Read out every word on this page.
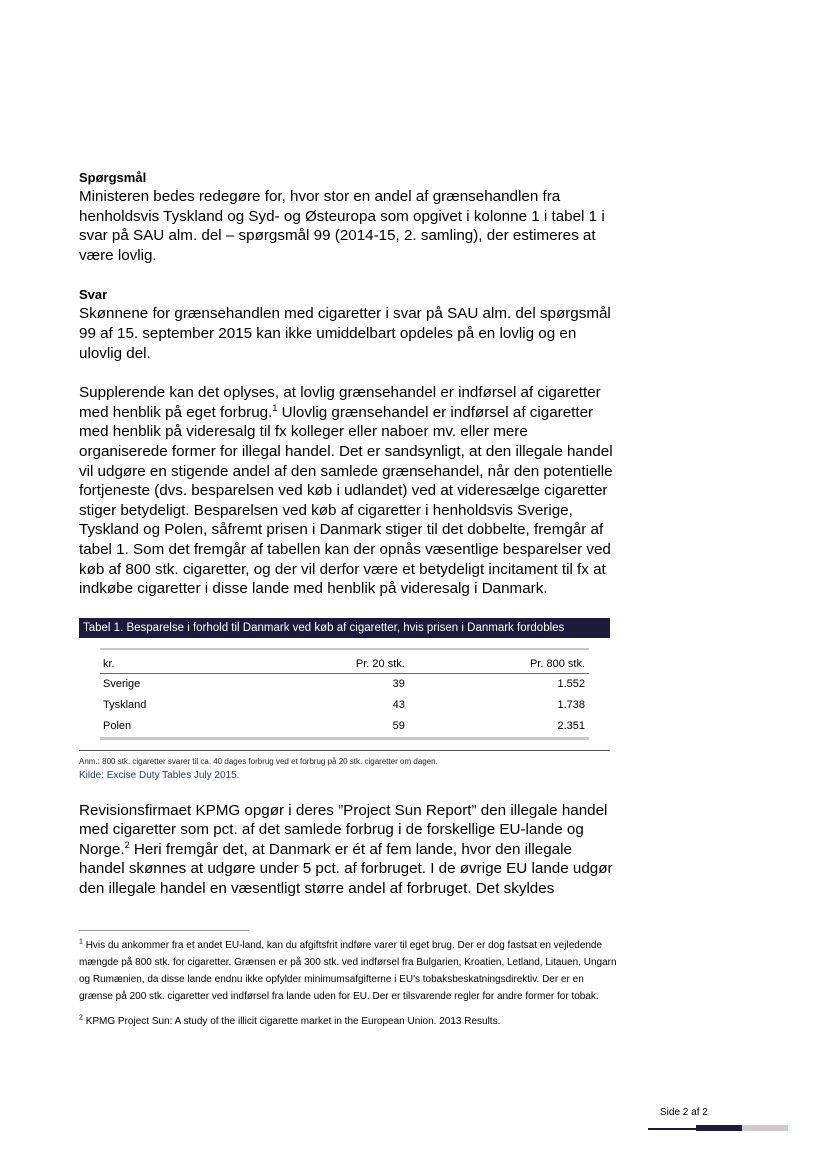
Spørgsmål

Ministeren bedes redegøre for, hvor stor en andel af grænsehandlen fra henholdsvis Tyskland og Syd- og Østeuropa som opgivet i kolonne 1 i tabel 1 i svar på SAU alm. del – spørgsmål 99 (2014-15, 2. samling), der estimeres at være lovlig.

Svar

Skønnene for grænsehandlen med cigaretter i svar på SAU alm. del spørgsmål 99 af 15. september 2015 kan ikke umiddelbart opdeles på en lovlig og en ulovlig del.

Supplerende kan det oplyses, at lovlig grænsehandel er indførsel af cigaretter med henblik på eget forbrug.$^1$ Ulovlig grænsehandel er indførsel af cigaretter med henblik på videresalg til fx kolleger eller naboer mv. eller mere organiserede former for illegal handel. Det er sandsynligt, at den illegale handel vil udgøre en stigende andel af den samlede grænsehandel, når den potentielle fortjeneste (dvs. besparelsen ved køb i udlandet) ved at videresælge cigaretter stiger betydeligt. Besparelsen ved køb af cigaretter i henholdsvis Sverige, Tyskland og Polen, såfremt prisen i Danmark stiger til det dobbelte, fremgår af tabel 1. Som det fremgår af tabellen kan der opnås væsentlige besparelser ved køb af 800 stk. cigaretter, og der vil derfor være et betydeligt incitament til fx at indkøbe cigaretter i disse lande med henblik på videresalg i Danmark.

Tabel 1. Besparelse i forhold til Danmark ved køb af cigaretter, hvis prisen i Danmark fordobles
kr.	Pr. 20 stk.	Pr. 800 stk.
Sverige	39	1.552
Tyskland	43	1.738
Polen	59	2.351
Anm.: 800 stk. cigaretter svarer til ca. 40 dages forbrug ved et forbrug på 20 stk. cigaretter om dagen.
Kilde: Excise Duty Tables July 2015.

Revisionsfirmaet KPMG opgør i deres ”Project Sun Report” den illegale handel med cigaretter som pct. af det samlede forbrug i de forskellige EU-lande og Norge.$^2$ Heri fremgår det, at Danmark er ét af fem lande, hvor den illegale handel skønnes at udgøre under 5 pct. af forbruget. I de øvrige EU lande udgør den illegale handel en væsentligt større andel af forbruget. Det skyldes

$^1$ Hvis du ankommer fra et andet EU-land, kan du afgiftsfrit indføre varer til eget brug. Der er dog fastsat en vejledende mængde på 800 stk. for cigaretter. Grænsen er på 300 stk. ved indførsel fra Bulgarien, Kroatien, Letland, Litauen, Ungarn og Rumænien, da disse lande endnu ikke opfylder minimumsafgifterne i EU's tobaksbeskatningsdirektiv. Der er en grænse på 200 stk. cigaretter ved indførsel fra lande uden for EU. Der er tilsvarende regler for andre former for tobak.

$^2$ KPMG Project Sun: A study of the illicit cigarette market in the European Union. 2013 Results.

Side 2 af 2
